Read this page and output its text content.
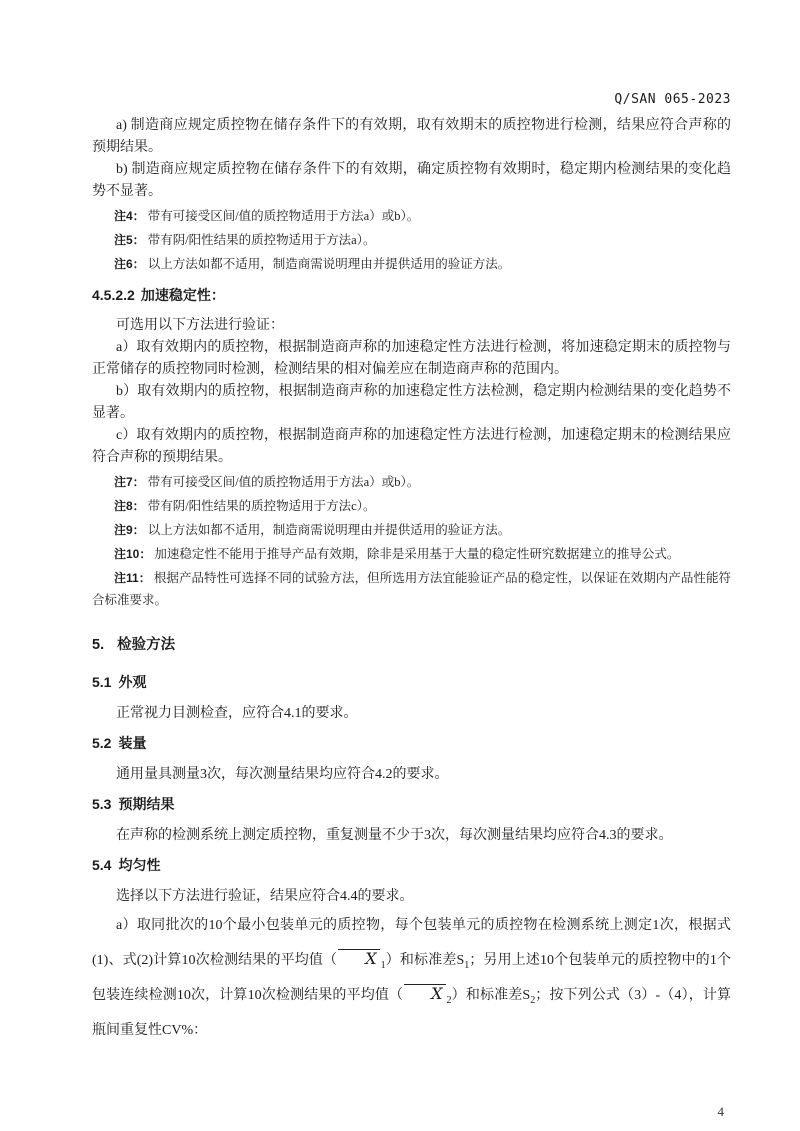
Q/SAN 065-2023

a) 制造商应规定质控物在储存条件下的有效期，取有效期末的质控物进行检测，结果应符合声称的预期结果。

b) 制造商应规定质控物在储存条件下的有效期，确定质控物有效期时，稳定期内检测结果的变化趋势不显著。

注4： 带有可接受区间/值的质控物适用于方法a）或b）。

注5： 带有阴/阳性结果的质控物适用于方法a）。

注6： 以上方法如都不适用，制造商需说明理由并提供适用的验证方法。

4.5.2.2 加速稳定性：

可选用以下方法进行验证：

a）取有效期内的质控物，根据制造商声称的加速稳定性方法进行检测，将加速稳定期末的质控物与正常储存的质控物同时检测，检测结果的相对偏差应在制造商声称的范围内。

b）取有效期内的质控物，根据制造商声称的加速稳定性方法检测，稳定期内检测结果的变化趋势不显著。

c）取有效期内的质控物，根据制造商声称的加速稳定性方法进行检测，加速稳定期末的检测结果应符合声称的预期结果。

注7： 带有可接受区间/值的质控物适用于方法a）或b）。

注8： 带有阴/阳性结果的质控物适用于方法c）。

注9： 以上方法如都不适用，制造商需说明理由并提供适用的验证方法。

注10： 加速稳定性不能用于推导产品有效期，除非是采用基于大量的稳定性研究数据建立的推导公式。

注11： 根据产品特性可选择不同的试验方法，但所选用方法宜能验证产品的稳定性，以保证在效期内产品性能符合标准要求。

5. 检验方法

5.1 外观

正常视力目测检查，应符合4.1的要求。

5.2 装量

通用量具测量3次，每次测量结果均应符合4.2的要求。

5.3 预期结果

在声称的检测系统上测定质控物，重复测量不少于3次，每次测量结果均应符合4.3的要求。

5.4 均匀性

选择以下方法进行验证，结果应符合4.4的要求。

a）取同批次的10个最小包装单元的质控物，每个包装单元的质控物在检测系统上测定1次，根据式(1)、式(2)计算10次检测结果的平均值（ X $_1$）和标准差$S_1$；另用上述10个包装单元的质控物中的1个包装连续检测10次，计算10次检测结果的平均值（ X $_2$）和标准差$S_2$；按下列公式（3）-（4），计算瓶间重复性CV%：

4
